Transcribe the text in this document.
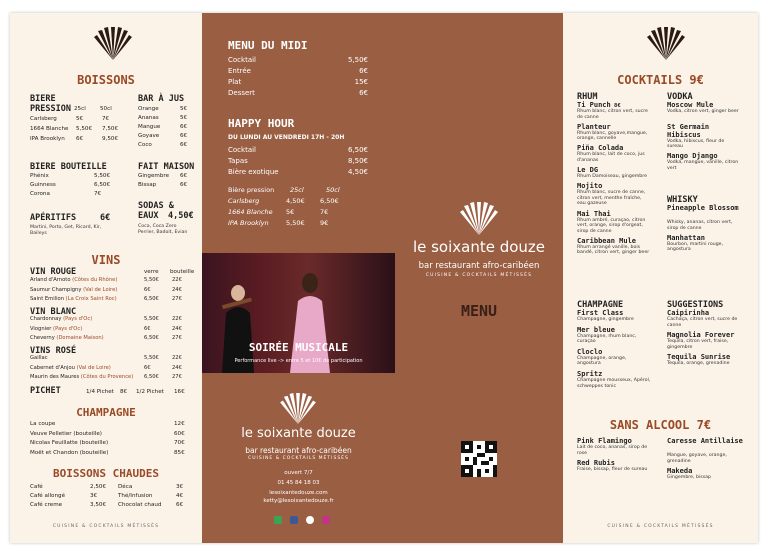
BOISSONS
BIERE PRESSION 25cl	50cl
Carlsberg	5€	7€
1664 Blanche 5,50€ 7,50€
IPA Brooklyn 6€	9,50€
BAR À JUS
Orange	5€
Ananas	5€
Mangue	6€
Goyave	6€
Coco	6€
BIERE BOUTEILLE
Phénix	5,50€
Guinness	6,50€
Corona	7€
FAIT MAISON
Gingembre 6€
Bissap	6€
APÉRITIFS	6€
Martini, Porto, Get, Ricard, Kir, Baileys
SODAS & EAUX	4,50€
Coca, Coca Zero Perrier, Badoit, Evian
VINS
VIN ROUGE	verre bouteille
Arland d'Arnoto (Côtes du Rhône)	5,50€	22€
Saumur Champigny (Val de Loire)	6€	24€
Saint Emilion (La Croix Saint Roc)	6,50€	27€
VIN BLANC
Chardonnay (Pays d'Oc)	5,50€	22€
Viognier (Pays d'Oc)	6€	24€
Cheverny (Domaine Maison)	6,50€	27€
VINS ROSÉ
Gaillac	5,50€	22€
Cabernet d'Anjou (Val de Loire)	6€	24€
Maurin des Maures (Côtes du Provence) 6,50€	27€
PICHET	1/4 Pichet 8€ 1/2 Pichet 16€
CHAMPAGNE
La coupe	12€
Veuve Pelletier (bouteille)	60€
Nicolas Feuillatte (bouteille)	70€
Moët et Chandon (bouteille)	85€
BOISSONS CHAUDES
Café	2,50€
Café allongé	3€
Café creme	3,50€
Déca	3€
Thé/Infusion	4€
Chocolat chaud	6€
CUISINE & COCKTAILS MÉTISSÉS
MENU DU MIDI
Cocktail	5,50€
Entrée	6€
Plat	15€
Dessert	6€
HAPPY HOUR
DU LUNDI AU VENDREDI 17H - 20H
Cocktail	6,50€
Tapas	8,50€
Bière exotique	4,50€
Bière pression 25cl	50cl
Carlsberg	4,50€ 6,50€
1664 Blanche 5€	7€
IPA Brooklyn	5,50€ 9€
SOIRÉE MUSICALE
Performance live -> entre 5 et 10€ de participation
le soixante douze
bar restaurant afro-caribéen
CUISINE & COCKTAILS MÉTISSÉS
ouvert 7/7
01 45 84 18 03
lesoixantedouze.com
ketty@lesoixantedouze.fr

le soixante douze
bar restaurant afro-caribéen
CUISINE & COCKTAILS MÉTISSÉS
MENU
COCKTAILS 9€
RHUM
Ti Punch 8€
Rhum blanc, citron vert, sucre de canne
Planteur
Rhum blanc, goyave,mangue, orange, cannelle
Piña Colada
Rhum blanc, lait de coco, jus d'ananas
Le DG
Rhum Damoiseau, gingembre
Mojito
Rhum blanc, sucre de canne, citron vert, menthe fraîche, eau gazeuse
Mai Thai
Rhum ambré, curaçao, citron vert, orange, sirop d'orgeat, sirop de canne
Caribbean Mule
Rhum arrangé vanille, bois bandé, citron vert, ginger beer
VODKA
Moscow Mule
Vodka, citron vert, ginger beer
St Germain Hibiscus
Vodka, hibiscus, fleur de sureau
Mango Django
Vodka, mangue, vanille, citron vert
WHISKY
Pineapple Blossom
Whisky, ananas, citron vert, sirop de canne
Manhattan
Bourbon, martini rouge, angostura
CHAMPAGNE
First Class
Champagne, gingembre
Mer bleue
Champagne, rhum blanc, curaçao
Cloclo
Champagne, orange, angostura
Spritz
Champagne mousseux, Apérol, schweppes tonic
SUGGESTIONS
Caipirinha
Cachaça, citron vert, sucre de canne
Magnolia Forever
Tequila, citron vert, fraise, gingembre
Tequila Sunrise
Tequila, orange, grenadine
SANS ALCOOL 7€
Pink Flamingo
Lait de coco, ananas, sirop de rose
Red Rubis
Fraise, bissap, fleur de sureau
Caresse Antillaise
Mangue, goyave, orange, grenadine
Makeda
Gingembre, bissap
CUISINE & COCKTAILS MÉTISSÉS
